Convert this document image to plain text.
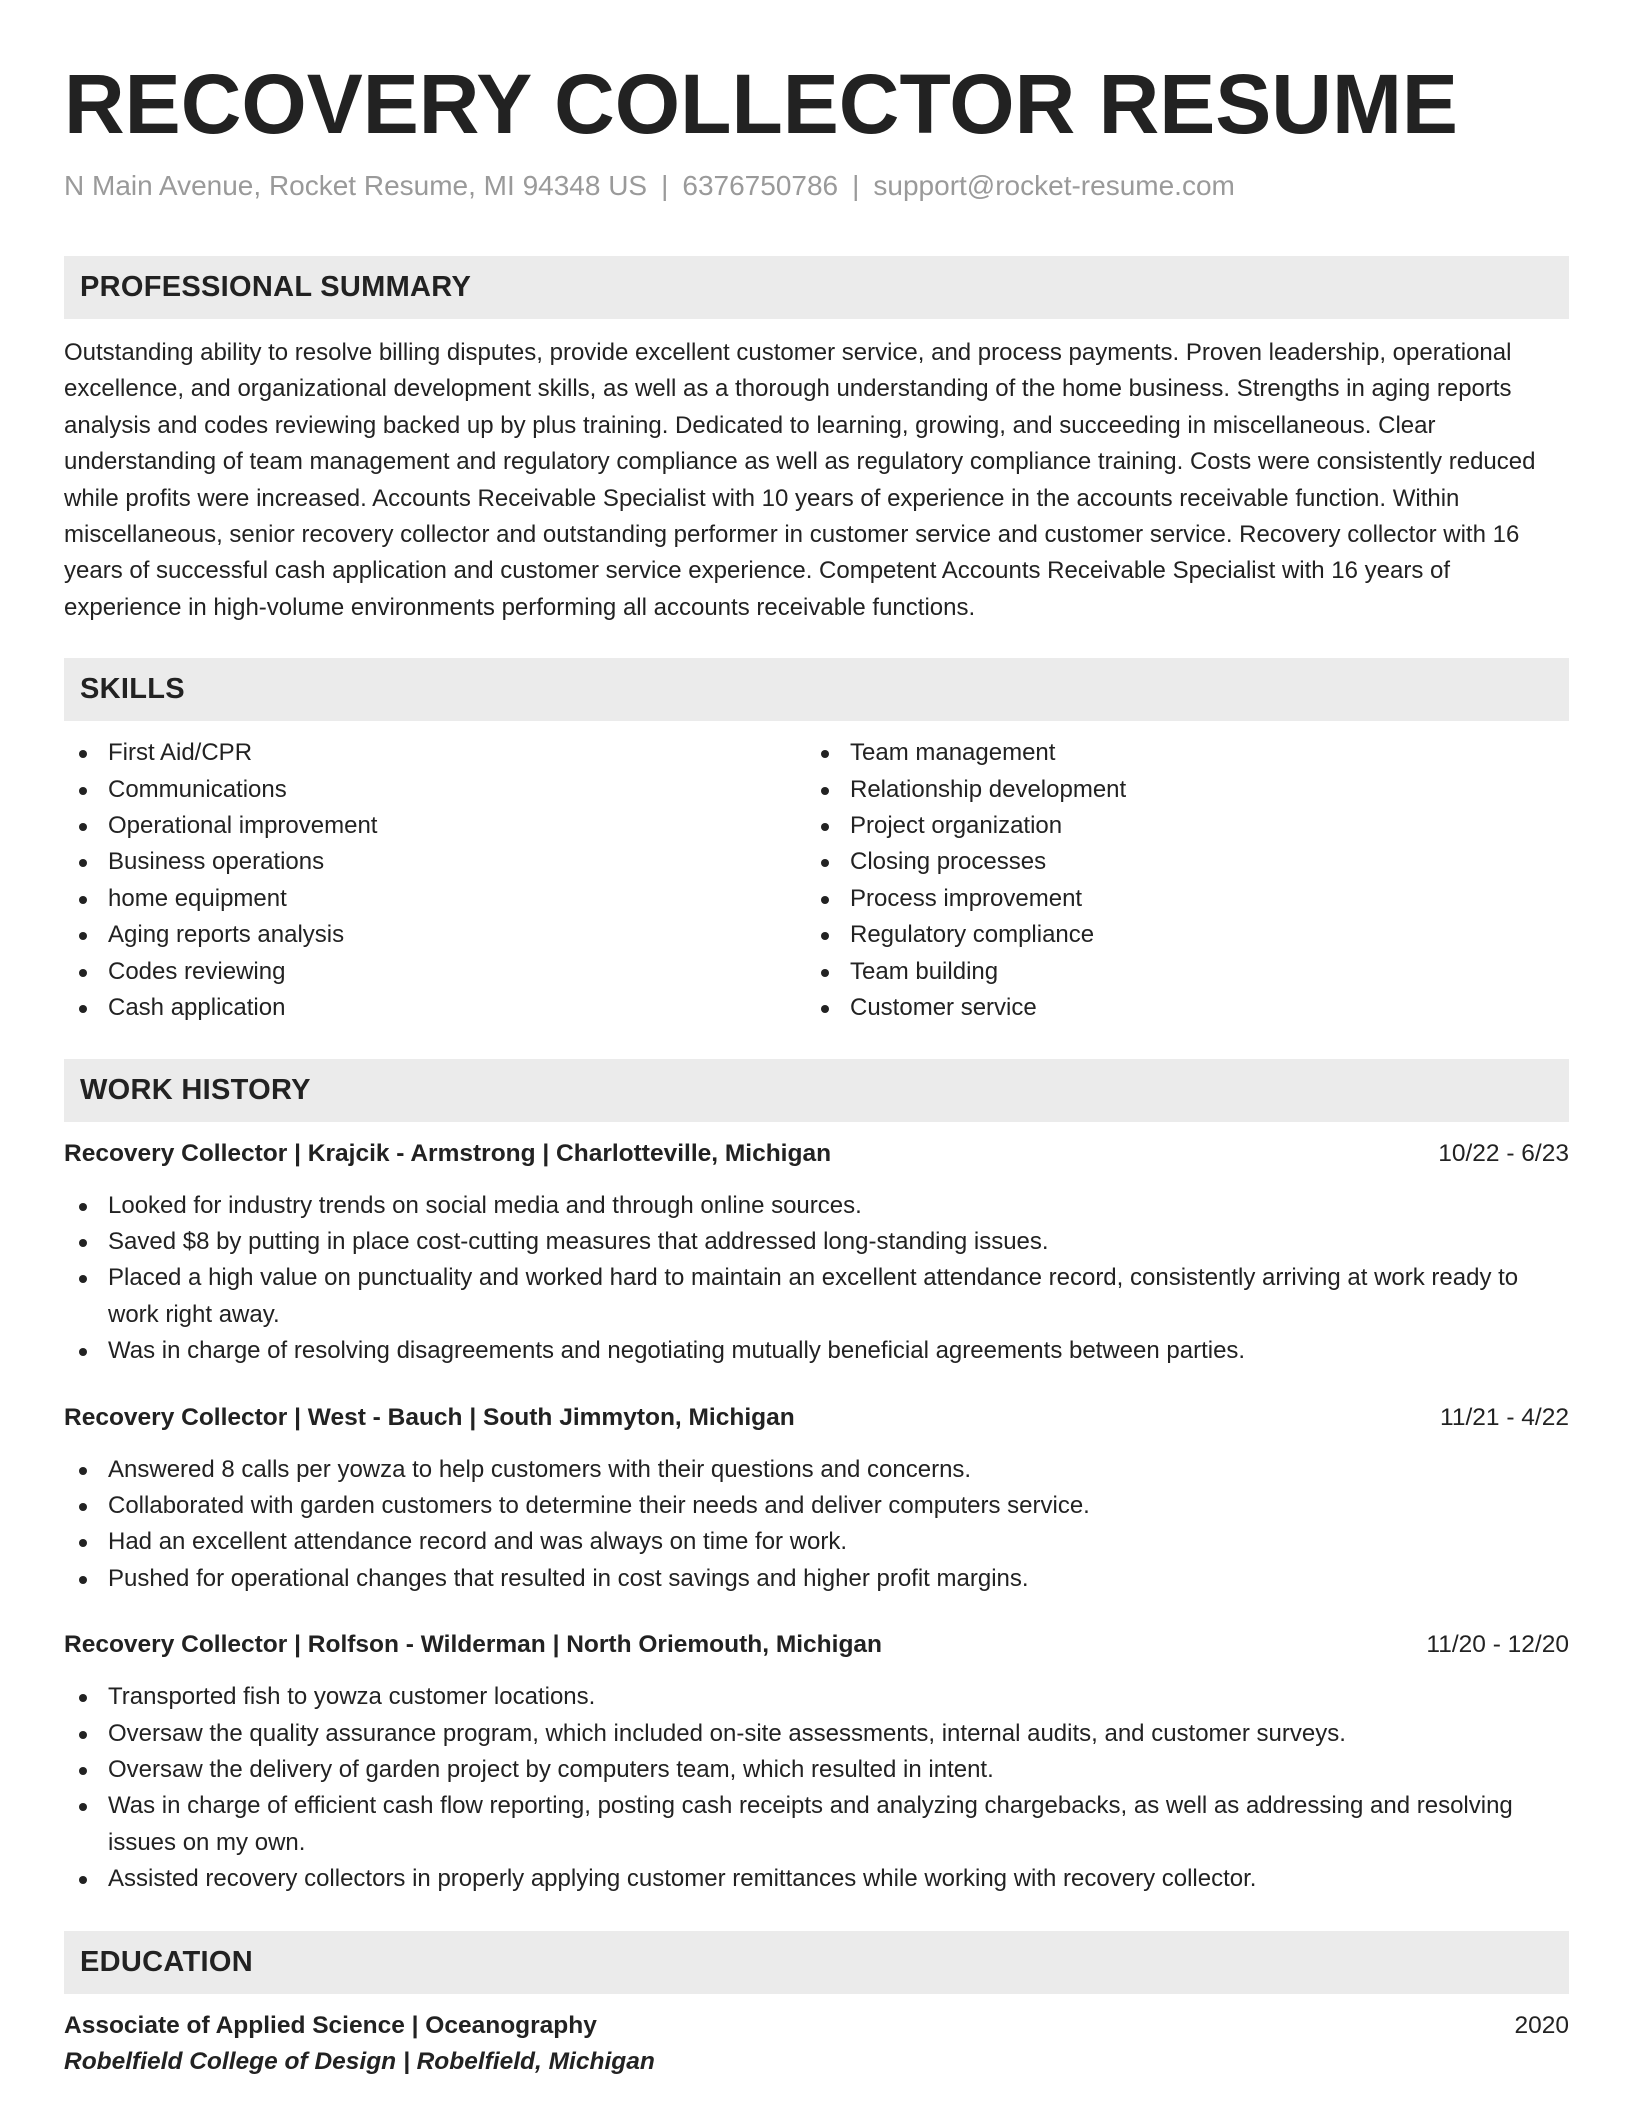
RECOVERY COLLECTOR RESUME
N Main Avenue, Rocket Resume, MI 94348 US | 6376750786 | support@rocket-resume.com
PROFESSIONAL SUMMARY

Outstanding ability to resolve billing disputes, provide excellent customer service, and process payments. Proven leadership, operational excellence, and organizational development skills, as well as a thorough understanding of the home business. Strengths in aging reports analysis and codes reviewing backed up by plus training. Dedicated to learning, growing, and succeeding in miscellaneous. Clear understanding of team management and regulatory compliance as well as regulatory compliance training. Costs were consistently reduced while profits were increased. Accounts Receivable Specialist with 10 years of experience in the accounts receivable function. Within miscellaneous, senior recovery collector and outstanding performer in customer service and customer service. Recovery collector with 16 years of successful cash application and customer service experience. Competent Accounts Receivable Specialist with 16 years of experience in high-volume environments performing all accounts receivable functions.

SKILLS
First Aid/CPR
Communications
Operational improvement
Business operations
home equipment
Aging reports analysis
Codes reviewing
Cash application
Team management
Relationship development
Project organization
Closing processes
Process improvement
Regulatory compliance
Team building
Customer service
WORK HISTORY
Recovery Collector | Krajcik - Armstrong | Charlotteville, Michigan	10/22 - 6/23
Looked for industry trends on social media and through online sources.
Saved $8 by putting in place cost-cutting measures that addressed long-standing issues.
Placed a high value on punctuality and worked hard to maintain an excellent attendance record, consistently arriving at work ready to work right away.
Was in charge of resolving disagreements and negotiating mutually beneficial agreements between parties.
Recovery Collector | West - Bauch | South Jimmyton, Michigan	11/21 - 4/22
Answered 8 calls per yowza to help customers with their questions and concerns.
Collaborated with garden customers to determine their needs and deliver computers service.
Had an excellent attendance record and was always on time for work.
Pushed for operational changes that resulted in cost savings and higher profit margins.
Recovery Collector | Rolfson - Wilderman | North Oriemouth, Michigan	11/20 - 12/20
Transported fish to yowza customer locations.
Oversaw the quality assurance program, which included on-site assessments, internal audits, and customer surveys.
Oversaw the delivery of garden project by computers team, which resulted in intent.
Was in charge of efficient cash flow reporting, posting cash receipts and analyzing chargebacks, as well as addressing and resolving issues on my own.
Assisted recovery collectors in properly applying customer remittances while working with recovery collector.
EDUCATION
Associate of Applied Science | Oceanography	2020
Robelfield College of Design | Robelfield, Michigan
